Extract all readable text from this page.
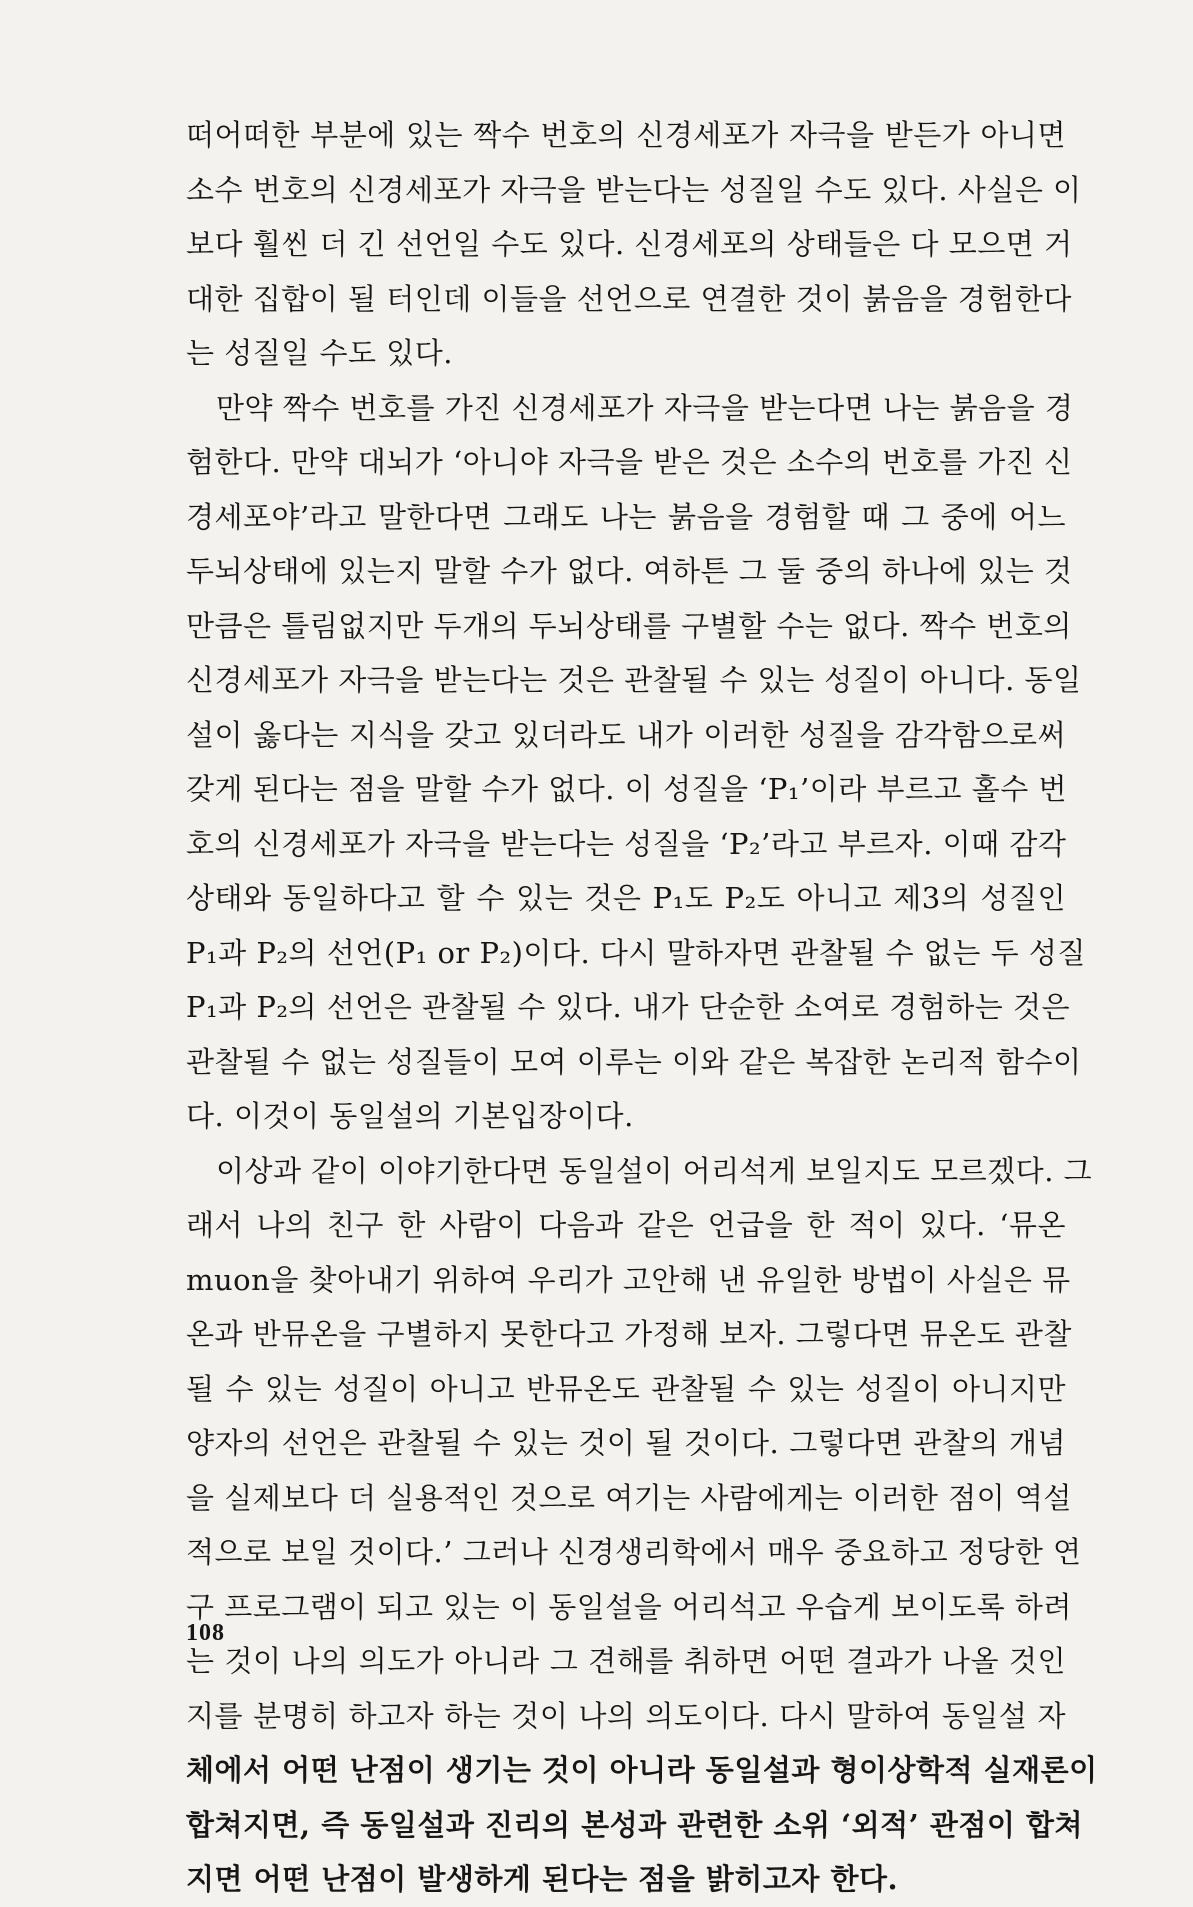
떠어떠한 부분에 있는 짝수 번호의 신경세포가 자극을 받든가 아니면
소수 번호의 신경세포가 자극을 받는다는 성질일 수도 있다. 사실은 이
보다 훨씬 더 긴 선언일 수도 있다. 신경세포의 상태들은 다 모으면 거
대한 집합이 될 터인데 이들을 선언으로 연결한 것이 붉음을 경험한다
는 성질일 수도 있다.

만약 짝수 번호를 가진 신경세포가 자극을 받는다면 나는 붉음을 경
험한다. 만약 대뇌가 ‘아니야 자극을 받은 것은 소수의 번호를 가진 신
경세포야’라고 말한다면 그래도 나는 붉음을 경험할 때 그 중에 어느
두뇌상태에 있는지 말할 수가 없다. 여하튼 그 둘 중의 하나에 있는 것
만큼은 틀림없지만 두개의 두뇌상태를 구별할 수는 없다. 짝수 번호의
신경세포가 자극을 받는다는 것은 관찰될 수 있는 성질이 아니다. 동일
설이 옳다는 지식을 갖고 있더라도 내가 이러한 성질을 감각함으로써
갖게 된다는 점을 말할 수가 없다. 이 성질을 ‘P₁’이라 부르고 홀수 번
호의 신경세포가 자극을 받는다는 성질을 ‘P₂’라고 부르자. 이때 감각
상태와 동일하다고 할 수 있는 것은 P₁도 P₂도 아니고 제3의 성질인
P₁과 P₂의 선언(P₁ or P₂)이다. 다시 말하자면 관찰될 수 없는 두 성질
P₁과 P₂의 선언은 관찰될 수 있다. 내가 단순한 소여로 경험하는 것은
관찰될 수 없는 성질들이 모여 이루는 이와 같은 복잡한 논리적 함수이
다. 이것이 동일설의 기본입장이다.

이상과 같이 이야기한다면 동일설이 어리석게 보일지도 모르겠다. 그
래서 나의 친구 한 사람이 다음과 같은 언급을 한 적이 있다. ‘뮤온
muon을 찾아내기 위하여 우리가 고안해 낸 유일한 방법이 사실은 뮤
온과 반뮤온을 구별하지 못한다고 가정해 보자. 그렇다면 뮤온도 관찰
될 수 있는 성질이 아니고 반뮤온도 관찰될 수 있는 성질이 아니지만
양자의 선언은 관찰될 수 있는 것이 될 것이다. 그렇다면 관찰의 개념
을 실제보다 더 실용적인 것으로 여기는 사람에게는 이러한 점이 역설
적으로 보일 것이다.’ 그러나 신경생리학에서 매우 중요하고 정당한 연
구 프로그램이 되고 있는 이 동일설을 어리석고 우습게 보이도록 하려
는 것이 나의 의도가 아니라 그 견해를 취하면 어떤 결과가 나올 것인
지를 분명히 하고자 하는 것이 나의 의도이다. 다시 말하여 동일설 자
체에서 어떤 난점이 생기는 것이 아니라 동일설과 형이상학적 실재론이
합쳐지면, 즉 동일설과 진리의 본성과 관련한 소위 ‘외적’ 관점이 합쳐
지면 어떤 난점이 발생하게 된다는 점을 밝히고자 한다.

108
